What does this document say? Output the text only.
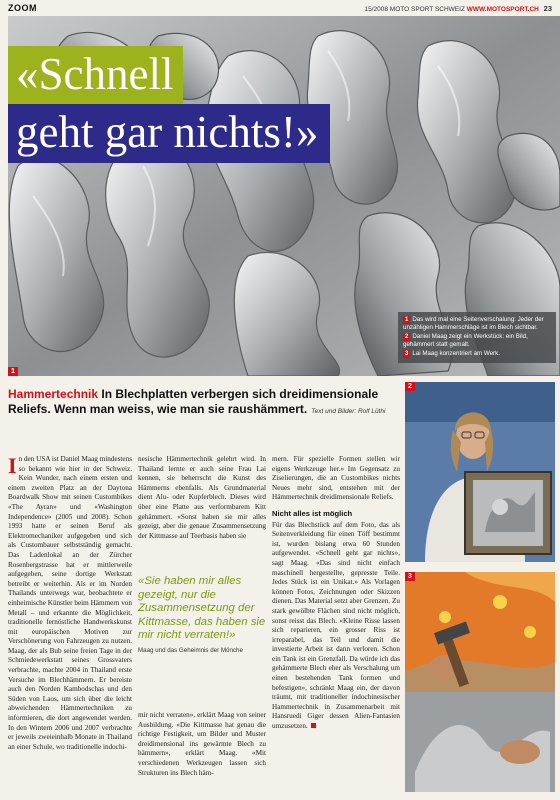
ZOOM	15/2008 MOTO SPORT SCHWEIZ WWW.MOTOSPORT.CH 23
«Schnell
geht gar nichts!»
1

1 Das wird mal eine Seitenverschalung: Jeder der unzähligen Hammerschläge ist im Blech sichtbar.

2 Daniel Maag zeigt ein Werkstück: ein Bild, gehämmert statt gemalt.

3 Lai Maag konzentriert am Werk.

Hammertechnik In Blechplatten verbergen sich dreidimensionale Reliefs. Wenn man weiss, wie man sie raushämmert. Text und Bilder: Rolf Lüthi
In den USA ist Daniel Maag mindestens so bekannt wie hier in der Schweiz. Kein Wunder, nach einem ersten und einem zweiten Platz an der Daytona Boardwalk Show mit seinen Custombikes «The Ayran» und «Washington Independence» (2005 und 2008). Schon 1993 hatte er seinen Beruf als Elektromechaniker aufgegeben und sich als Custombauer selbstständig gemacht. Das Ladenlokal an der Zürcher Rosenbergstrasse hat er mittlerweile aufgegeben, seine dortige Werkstatt betreibt er weiterhin. Als er im Norden Thailands unterwegs war, beobachtete er einheimische Künstler beim Hämmern von Metall – und erkannte die Möglichkeit, traditionelle fernöstliche Handwerkskunst mit europäischen Motiven zur Verschönerung von Fahrzeugen zu nutzen. Maag, der als Bub seine freien Tage in der Schmiedewerkstatt seines Grossvaters verbrachte, machte 2004 in Thailand erste Versuche im Blechhämmern. Er bereiste auch den Norden Kambodschas und den Süden von Laos, um sich über die leicht abweichenden Hämmertechniken zu informieren, die dort angewendet werden. In den Wintern 2006 und 2007 verbrachte er jeweils zweieinhalb Monate in Thailand an einer Schule, wo traditionelle indochi-
nesische Hämmertechnik gelehrt wird. In Thailand lernte er auch seine Frau Lai kennen, sie beherrscht die Kunst des Hämmerns ebenfalls. Als Grundmaterial dient Alu- oder Kupferblech. Dieses wird über eine Platte aus verformbarem Kitt gehämmert. «Sonst haben sie mir alles gezeigt, aber die genaue Zusammensetzung der Kittmasse auf Teerbasis haben sie
«Sie haben mir alles gezeigt, nur die Zusammensetzung der Kittmasse, das haben sie mir nicht verraten!»
Maag und das Geheimnis der Mönche
mir nicht verraten», erklärt Maag von seiner Ausbildung. «Die Kittmasse hat genau die richtige Festigkeit, um Bilder und Muster dreidimensional ins gewärmte Blech zu hämmern», erklärt Maag. «Mit verschiedenen Werkzeugen lassen sich Strukturen ins Blech häm-

mern. Für spezielle Formen stellen wir eigens Werkzeuge her.» Im Gegensatz zu Ziselierungen, die an Custombikes nichts Neues mehr sind, entstehen mit der Hämmertechnik dreidimensionale Reliefs.

Nicht alles ist möglich

Für das Blechstück auf dem Foto, das als Seitenverkleidung für einen Töff bestimmt ist, wurden bislang etwa 60 Stunden aufgewendet. «Schnell geht gar nichts», sagt Maag. «Das sind nicht einfach maschinell hergestellte, gepresste Teile. Jedes Stück ist ein Unikat.» Als Vorlagen können Fotos, Zeichnungen oder Skizzen dienen. Das Material setzt aber Grenzen. Zu stark gewölbte Flächen sind nicht möglich, sonst reisst das Blech. «Kleine Risse lassen sich reparieren, ein grosser Riss ist irreparabel, das Teil und damit die investierte Arbeit ist dann verloren. Schon ein Tank ist ein Grenzfall. Da würde ich das gehämmerte Blech eher als Verschalung um einen bestehenden Tank formen und befestigen», schränkt Maag ein, der davon träumt, mit traditioneller indochinesischer Hammertechnik in Zusammenarbeit mit Hansruedi Giger dessen Alien-Fantasien umzusetzen.

2
3
